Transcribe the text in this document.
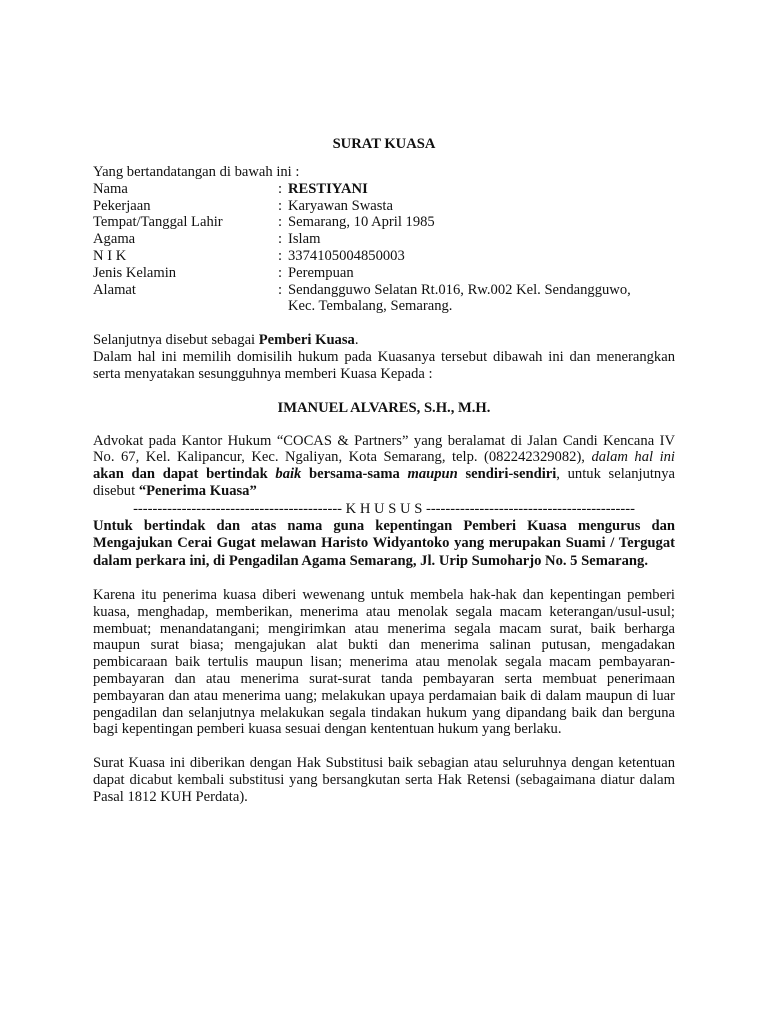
SURAT KUASA
Yang bertandatangan di bawah ini :
Nama	: RESTIYANI
Pekerjaan	: Karyawan Swasta
Tempat/Tanggal Lahir	: Semarang, 10 April 1985
Agama	: Islam
N I K	: 3374105004850003
Jenis Kelamin	: Perempuan
Alamat	: Sendangguwo Selatan Rt.016, Rw.002 Kel. Sendangguwo,
Kec. Tembalang, Semarang.
Selanjutnya disebut sebagai Pemberi Kuasa.

Dalam hal ini memilih domisilih hukum pada Kuasanya tersebut dibawah ini dan menerangkan serta menyatakan sesungguhnya memberi Kuasa Kepada :

IMANUEL ALVARES, S.H., M.H.

Advokat pada Kantor Hukum “COCAS & Partners” yang beralamat di Jalan Candi Kencana IV No. 67, Kel. Kalipancur, Kec. Ngaliyan, Kota Semarang, telp. (082242329082), dalam hal ini akan dan dapat bertindak baik bersama-sama maupun sendiri-sendiri, untuk selanjutnya disebut “Penerima Kuasa”

------------------------------------------- K H U S U S -------------------------------------------

Untuk bertindak dan atas nama guna kepentingan Pemberi Kuasa mengurus dan Mengajukan Cerai Gugat melawan Haristo Widyantoko yang merupakan Suami / Tergugat dalam perkara ini, di Pengadilan Agama Semarang, Jl. Urip Sumoharjo No. 5 Semarang.

Karena itu penerima kuasa diberi wewenang untuk membela hak-hak dan kepentingan pemberi kuasa, menghadap, memberikan, menerima atau menolak segala macam keterangan/usul-usul; membuat; menandatangani; mengirimkan atau menerima segala macam surat, baik berharga maupun surat biasa; mengajukan alat bukti dan menerima salinan putusan, mengadakan pembicaraan baik tertulis maupun lisan; menerima atau menolak segala macam pembayaran-pembayaran dan atau menerima surat-surat tanda pembayaran serta membuat penerimaan pembayaran dan atau menerima uang; melakukan upaya perdamaian baik di dalam maupun di luar pengadilan dan selanjutnya melakukan segala tindakan hukum yang dipandang baik dan berguna bagi kepentingan pemberi kuasa sesuai dengan kententuan hukum yang berlaku.

Surat Kuasa ini diberikan dengan Hak Substitusi baik sebagian atau seluruhnya dengan ketentuan dapat dicabut kembali substitusi yang bersangkutan serta Hak Retensi (sebagaimana diatur dalam Pasal 1812 KUH Perdata).
